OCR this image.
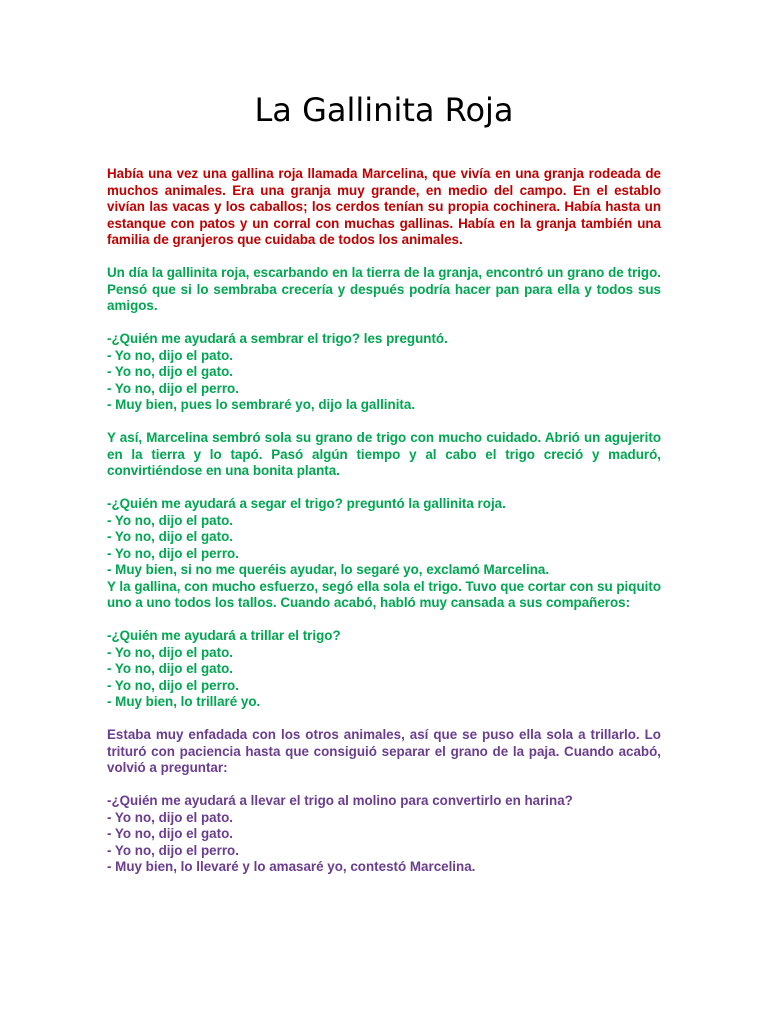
La Gallinita Roja

Había una vez una gallina roja llamada Marcelina, que vivía en una granja rodeada de muchos animales. Era una granja muy grande, en medio del campo. En el establo vivían las vacas y los caballos; los cerdos tenían su propia cochinera. Había hasta un estanque con patos y un corral con muchas gallinas. Había en la granja también una familia de granjeros que cuidaba de todos los animales.

Un día la gallinita roja, escarbando en la tierra de la granja, encontró un grano de trigo. Pensó que si lo sembraba crecería y después podría hacer pan para ella y todos sus amigos.

-¿Quién me ayudará a sembrar el trigo? les preguntó.
- Yo no, dijo el pato.
- Yo no, dijo el gato.
- Yo no, dijo el perro.
- Muy bien, pues lo sembraré yo, dijo la gallinita.

Y así, Marcelina sembró sola su grano de trigo con mucho cuidado. Abrió un agujerito en la tierra y lo tapó. Pasó algún tiempo y al cabo el trigo creció y maduró, convirtiéndose en una bonita planta.

-¿Quién me ayudará a segar el trigo? preguntó la gallinita roja.
- Yo no, dijo el pato.
- Yo no, dijo el gato.
- Yo no, dijo el perro.
- Muy bien, si no me queréis ayudar, lo segaré yo, exclamó Marcelina.

Y la gallina, con mucho esfuerzo, segó ella sola el trigo. Tuvo que cortar con su piquito uno a uno todos los tallos. Cuando acabó, habló muy cansada a sus compañeros:

-¿Quién me ayudará a trillar el trigo?
- Yo no, dijo el pato.
- Yo no, dijo el gato.
- Yo no, dijo el perro.
- Muy bien, lo trillaré yo.

Estaba muy enfadada con los otros animales, así que se puso ella sola a trillarlo. Lo trituró con paciencia hasta que consiguió separar el grano de la paja. Cuando acabó, volvió a preguntar:

-¿Quién me ayudará a llevar el trigo al molino para convertirlo en harina?
- Yo no, dijo el pato.
- Yo no, dijo el gato.
- Yo no, dijo el perro.
- Muy bien, lo llevaré y lo amasaré yo, contestó Marcelina.
